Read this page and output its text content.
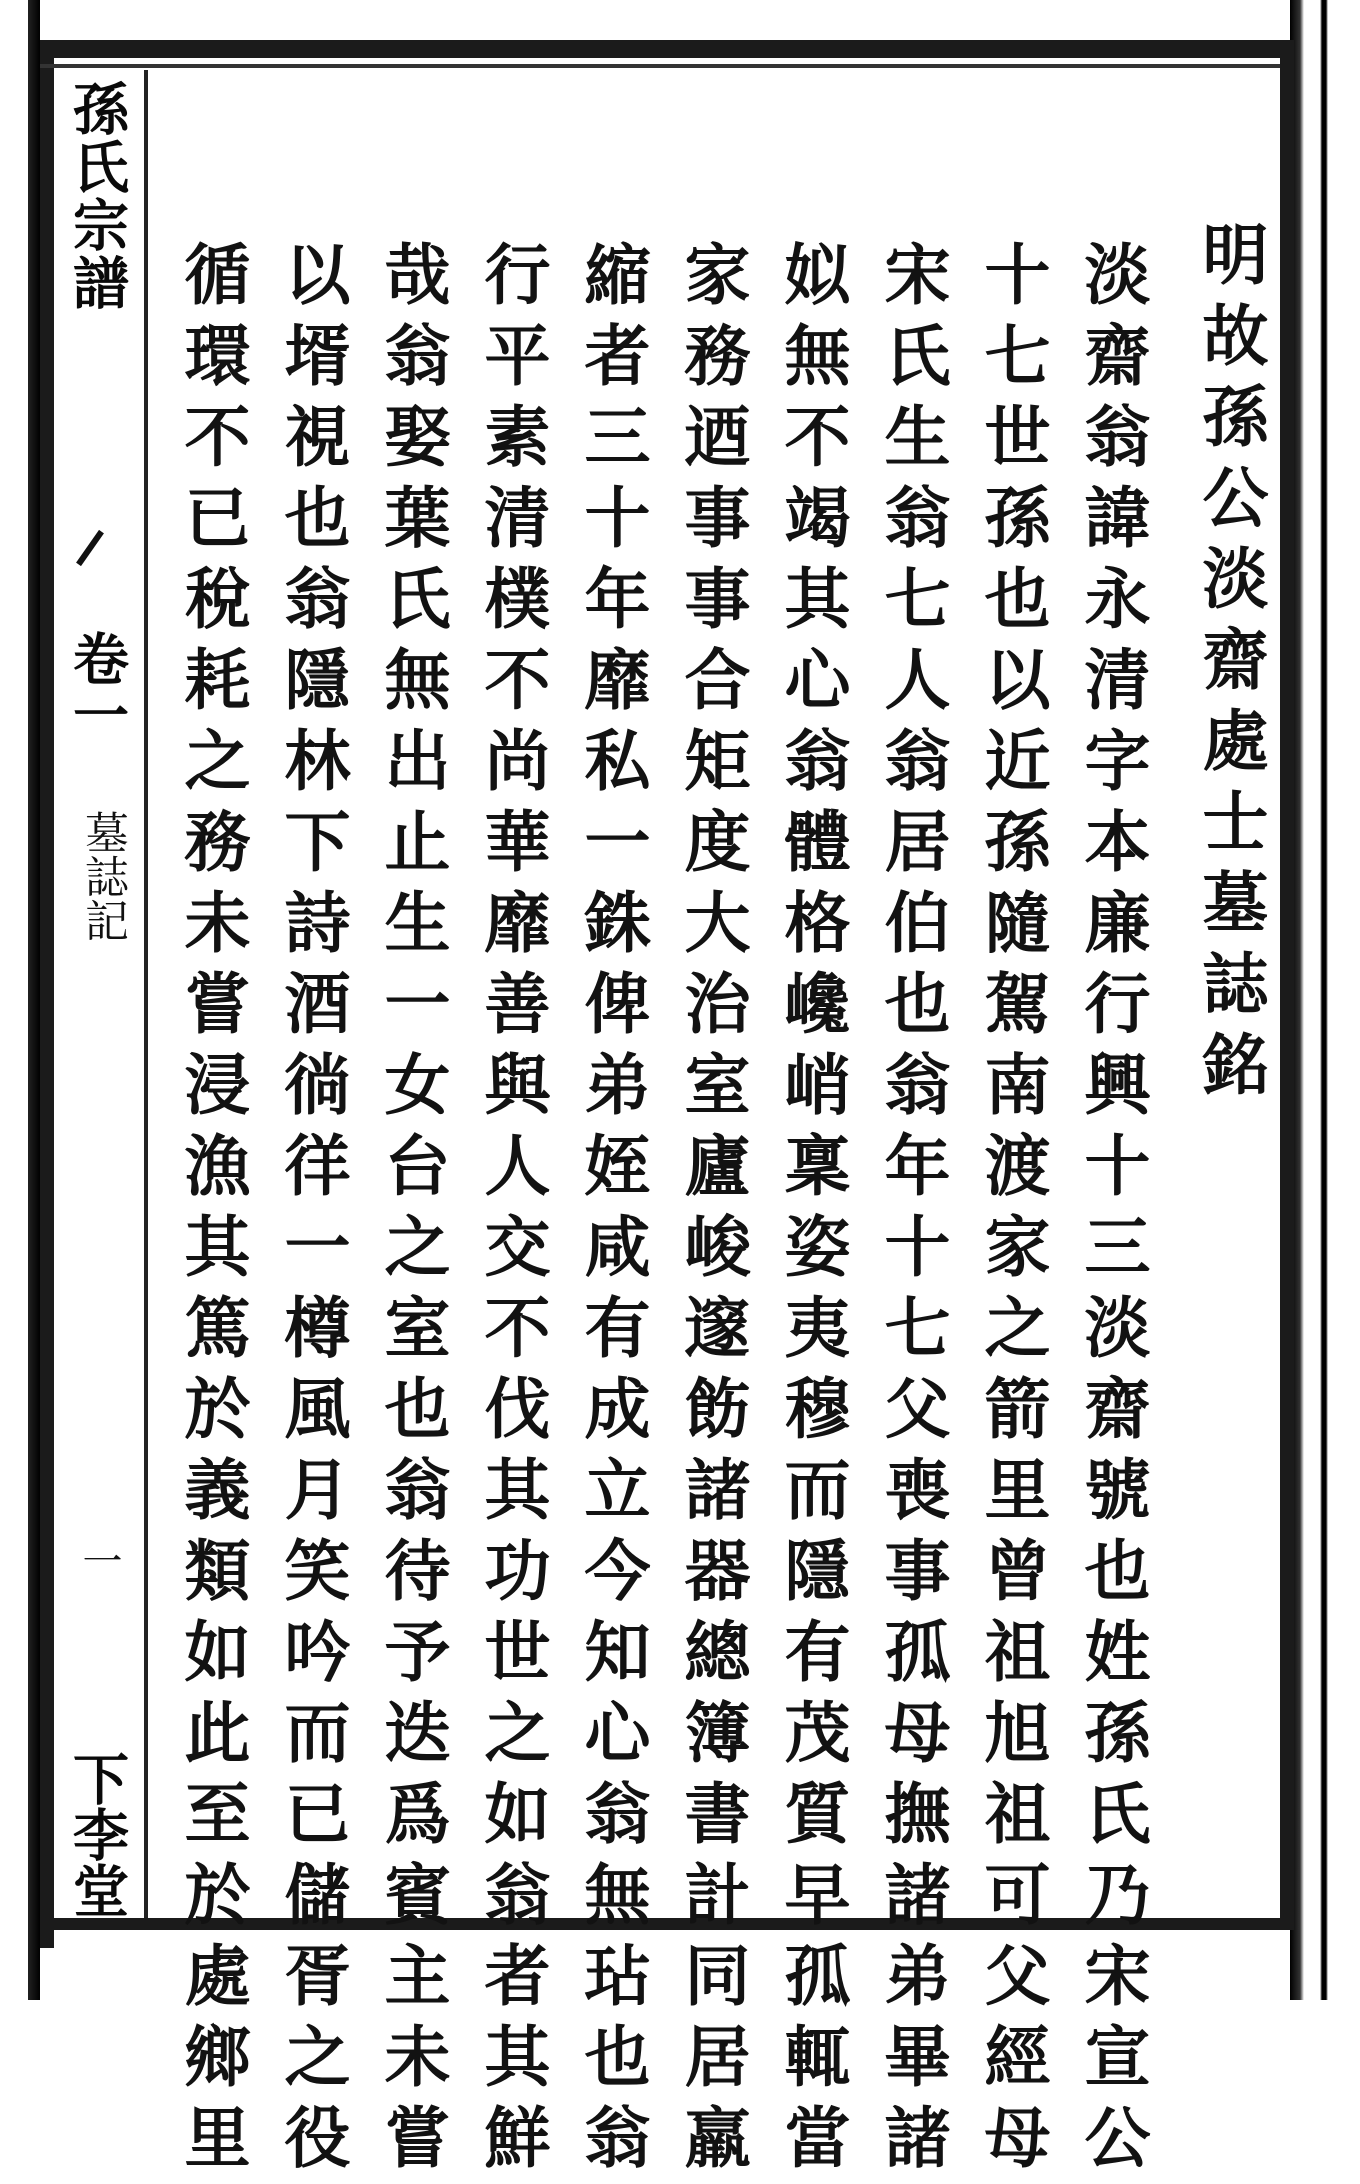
孫氏宗譜
卷一
墓誌記
一
下李堂
明故孫公淡齋處士墓誌銘
淡齋翁諱永清字本廉行興十三淡齋號也姓孫氏乃宋宣公
十七世孫也以近孫隨駕南渡家之箭里曾祖旭祖可父經母
宋氏生翁七人翁居伯也翁年十七父喪事孤母撫諸弟畢諸
姒無不竭其心翁體格巉峭稟姿夷穆而隱有茂質早孤輒當
家務迺事事合矩度大治室廬峻邃飭諸器總簿書計同居羸
縮者三十年靡私一銖俾弟姪咸有成立今知心翁無玷也翁
行平素清樸不尚華靡善與人交不伐其功世之如翁者其鮮
哉翁娶葉氏無出止生一女台之室也翁待予迭爲賓主未嘗
以壻視也翁隱林下詩酒徜徉一樽風月笑吟而已儲胥之役
循環不已稅耗之務未嘗浸漁其篤於義類如此至於處鄉里
